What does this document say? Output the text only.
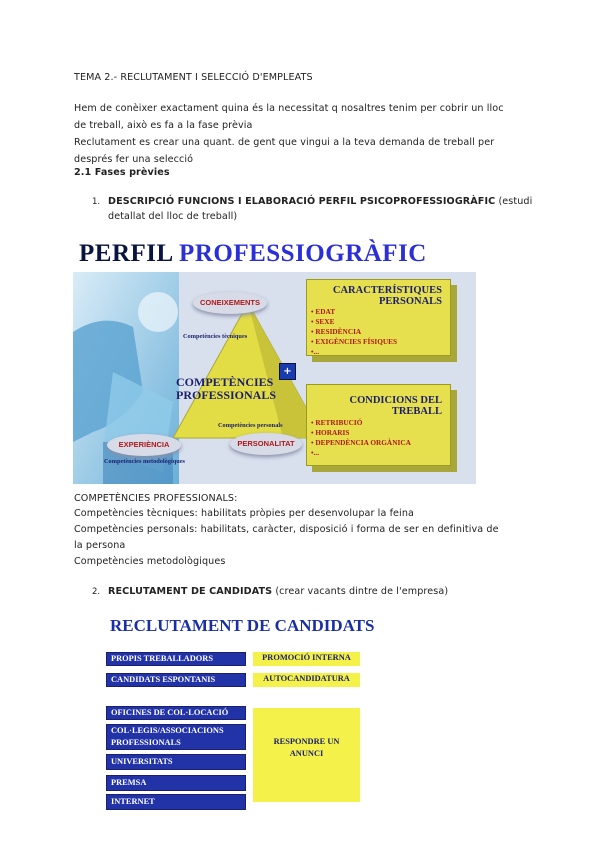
TEMA 2.- RECLUTAMENT I SELECCIÓ D'EMPLEATS
Hem de conèixer exactament quina és la necessitat q nosaltres tenim per cobrir un lloc
de treball, això es fa a la fase prèvia
Reclutament es crear una quant. de gent que vingui a la teva demanda de treball per
després fer una selecció
2.1 Fases prèvies
1. DESCRIPCIÓ FUNCIONS I ELABORACIÓ PERFIL PSICOPROFESSIOGRÀFIC (estudi
detallat del lloc de treball)
PERFIL PROFESSIOGRÀFIC
CONEIXEMENTS
EXPERIÈNCIA	PERSONALITAT
Competències tècniques
Competències personals
Competències metodològiques
COMPETÈNCIES
PROFESSIONALS
+
CARACTERÍSTIQUES
PERSONALS
• EDAT
• SEXE
• RESIDÈNCIA
• EXIGÈNCIES FÍSIQUES
•...
CONDICIONS DEL
TREBALL
• RETRIBUCIÓ
• HORARIS
• DEPENDÈNCIA ORGÀNICA
•...
COMPETÈNCIES PROFESSIONALS:
Competències tècniques: habilitats pròpies per desenvolupar la feina
Competències personals: habilitats, caràcter, disposició i forma de ser en definitiva de
la persona
Competències metodològiques
2. RECLUTAMENT DE CANDIDATS (crear vacants dintre de l'empresa)
RECLUTAMENT DE CANDIDATS
PROPIS TREBALLADORS	PROMOCIÓ INTERNA
CANDIDATS ESPONTANIS	AUTOCANDIDATURA
OFICINES DE COL·LOCACIÓ
COL·LEGIS/ASSOCIACIONS
PROFESSIONALS
UNIVERSITATS
PREMSA
INTERNET
RESPONDRE UN
ANUNCI
